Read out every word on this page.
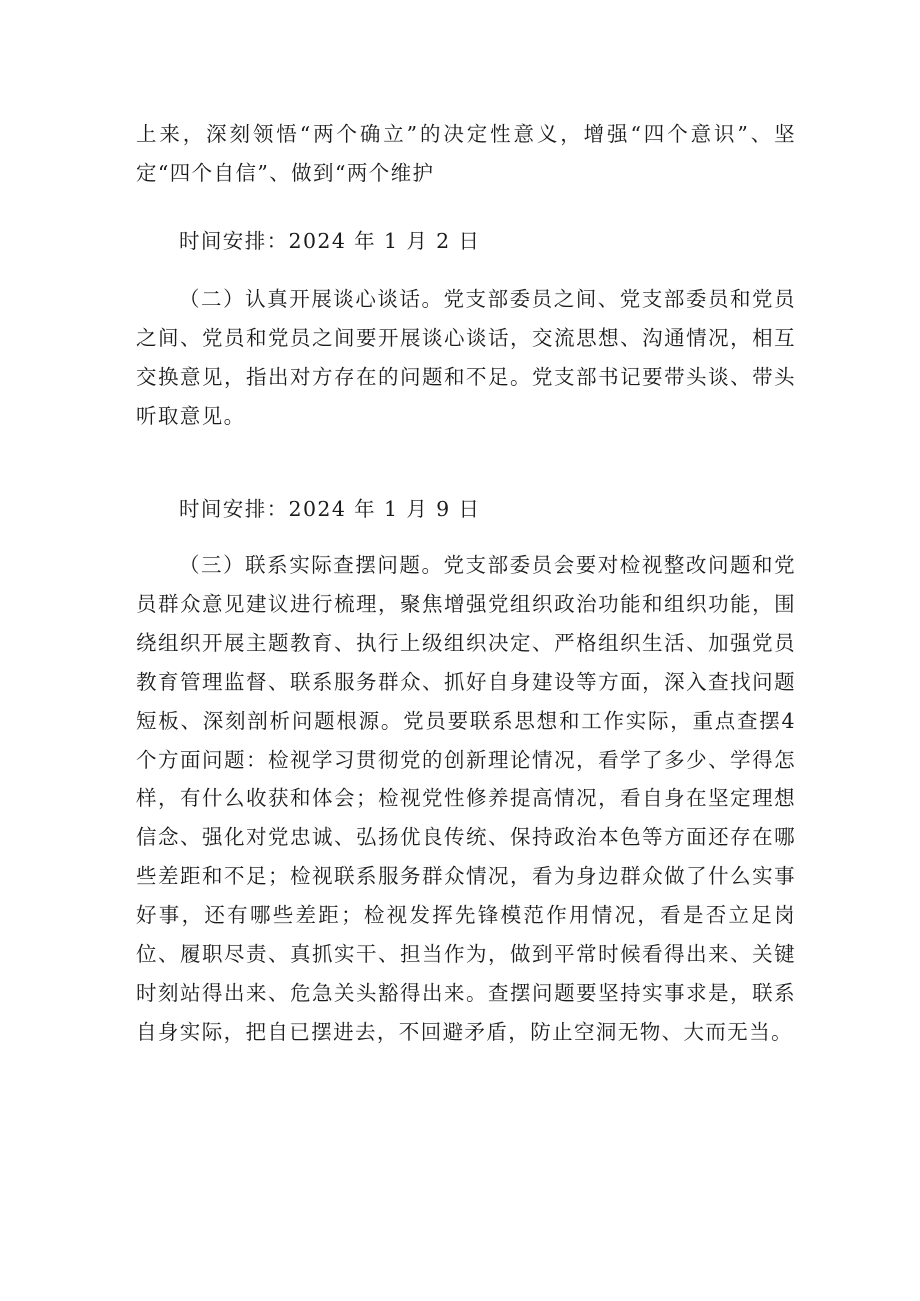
上来，深刻领悟“两个确立”的决定性意义，增强“四个意识”、坚定“四个自信”、做到“两个维护

时间安排：2024 年 1 月 2 日

（二）认真开展谈心谈话。党支部委员之间、党支部委员和党员之间、党员和党员之间要开展谈心谈话，交流思想、沟通情况，相互交换意见，指出对方存在的问题和不足。党支部书记要带头谈、带头听取意见。

时间安排：2024 年 1 月 9 日

（三）联系实际查摆问题。党支部委员会要对检视整改问题和党员群众意见建议进行梳理，聚焦增强党组织政治功能和组织功能，围绕组织开展主题教育、执行上级组织决定、严格组织生活、加强党员教育管理监督、联系服务群众、抓好自身建设等方面，深入查找问题短板、深刻剖析问题根源。党员要联系思想和工作实际，重点查摆4个方面问题：检视学习贯彻党的创新理论情况，看学了多少、学得怎样，有什么收获和体会；检视党性修养提高情况，看自身在坚定理想信念、强化对党忠诚、弘扬优良传统、保持政治本色等方面还存在哪些差距和不足；检视联系服务群众情况，看为身边群众做了什么实事好事，还有哪些差距；检视发挥先锋模范作用情况，看是否立足岗位、履职尽责、真抓实干、担当作为，做到平常时候看得出来、关键时刻站得出来、危急关头豁得出来。查摆问题要坚持实事求是，联系自身实际，把自已摆进去，不回避矛盾，防止空洞无物、大而无当。
